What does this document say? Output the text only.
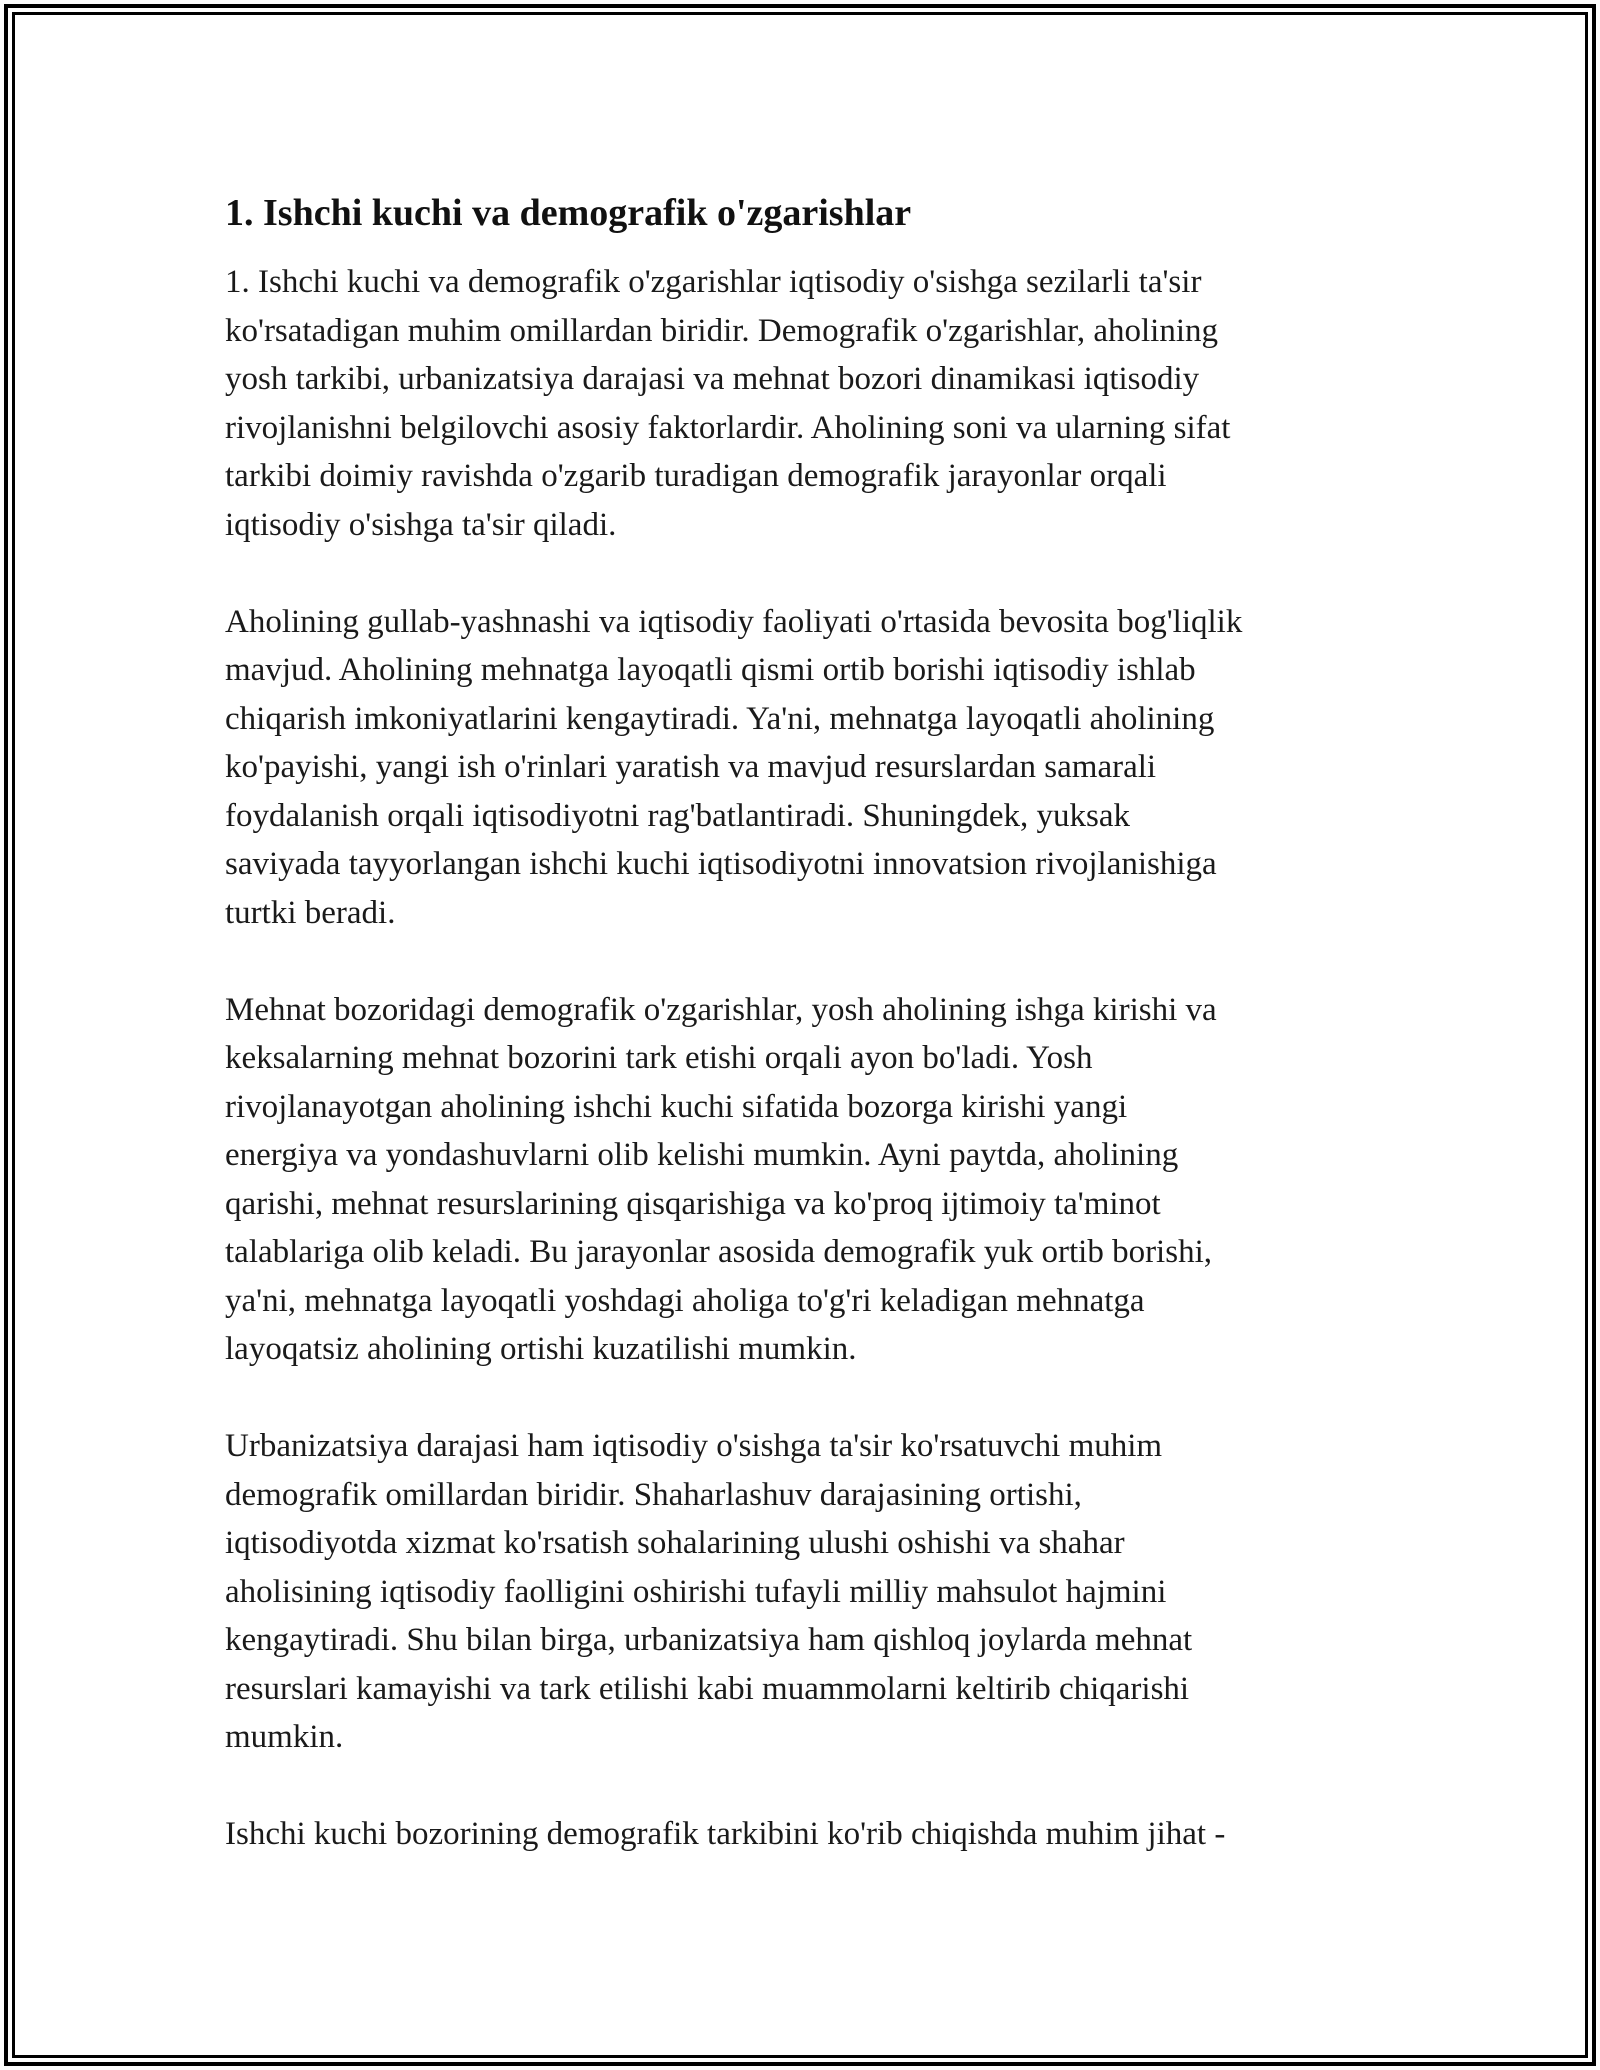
1. Ishchi kuchi va demografik o'zgarishlar

1. Ishchi kuchi va demografik o'zgarishlar iqtisodiy o'sishga sezilarli ta'sir
ko'rsatadigan muhim omillardan biridir. Demografik o'zgarishlar, aholining
yosh tarkibi, urbanizatsiya darajasi va mehnat bozori dinamikasi iqtisodiy
rivojlanishni belgilovchi asosiy faktorlardir. Aholining soni va ularning sifat
tarkibi doimiy ravishda o'zgarib turadigan demografik jarayonlar orqali
iqtisodiy o'sishga ta'sir qiladi.

Aholining gullab-yashnashi va iqtisodiy faoliyati o'rtasida bevosita bog'liqlik
mavjud. Aholining mehnatga layoqatli qismi ortib borishi iqtisodiy ishlab
chiqarish imkoniyatlarini kengaytiradi. Ya'ni, mehnatga layoqatli aholining
ko'payishi, yangi ish o'rinlari yaratish va mavjud resurslardan samarali
foydalanish orqali iqtisodiyotni rag'batlantiradi. Shuningdek, yuksak
saviyada tayyorlangan ishchi kuchi iqtisodiyotni innovatsion rivojlanishiga
turtki beradi.

Mehnat bozoridagi demografik o'zgarishlar, yosh aholining ishga kirishi va
keksalarning mehnat bozorini tark etishi orqali ayon bo'ladi. Yosh
rivojlanayotgan aholining ishchi kuchi sifatida bozorga kirishi yangi
energiya va yondashuvlarni olib kelishi mumkin. Ayni paytda, aholining
qarishi, mehnat resurslarining qisqarishiga va ko'proq ijtimoiy ta'minot
talablariga olib keladi. Bu jarayonlar asosida demografik yuk ortib borishi,
ya'ni, mehnatga layoqatli yoshdagi aholiga to'g'ri keladigan mehnatga
layoqatsiz aholining ortishi kuzatilishi mumkin.

Urbanizatsiya darajasi ham iqtisodiy o'sishga ta'sir ko'rsatuvchi muhim
demografik omillardan biridir. Shaharlashuv darajasining ortishi,
iqtisodiyotda xizmat ko'rsatish sohalarining ulushi oshishi va shahar
aholisining iqtisodiy faolligini oshirishi tufayli milliy mahsulot hajmini
kengaytiradi. Shu bilan birga, urbanizatsiya ham qishloq joylarda mehnat
resurslari kamayishi va tark etilishi kabi muammolarni keltirib chiqarishi
mumkin.

Ishchi kuchi bozorining demografik tarkibini ko'rib chiqishda muhim jihat -
